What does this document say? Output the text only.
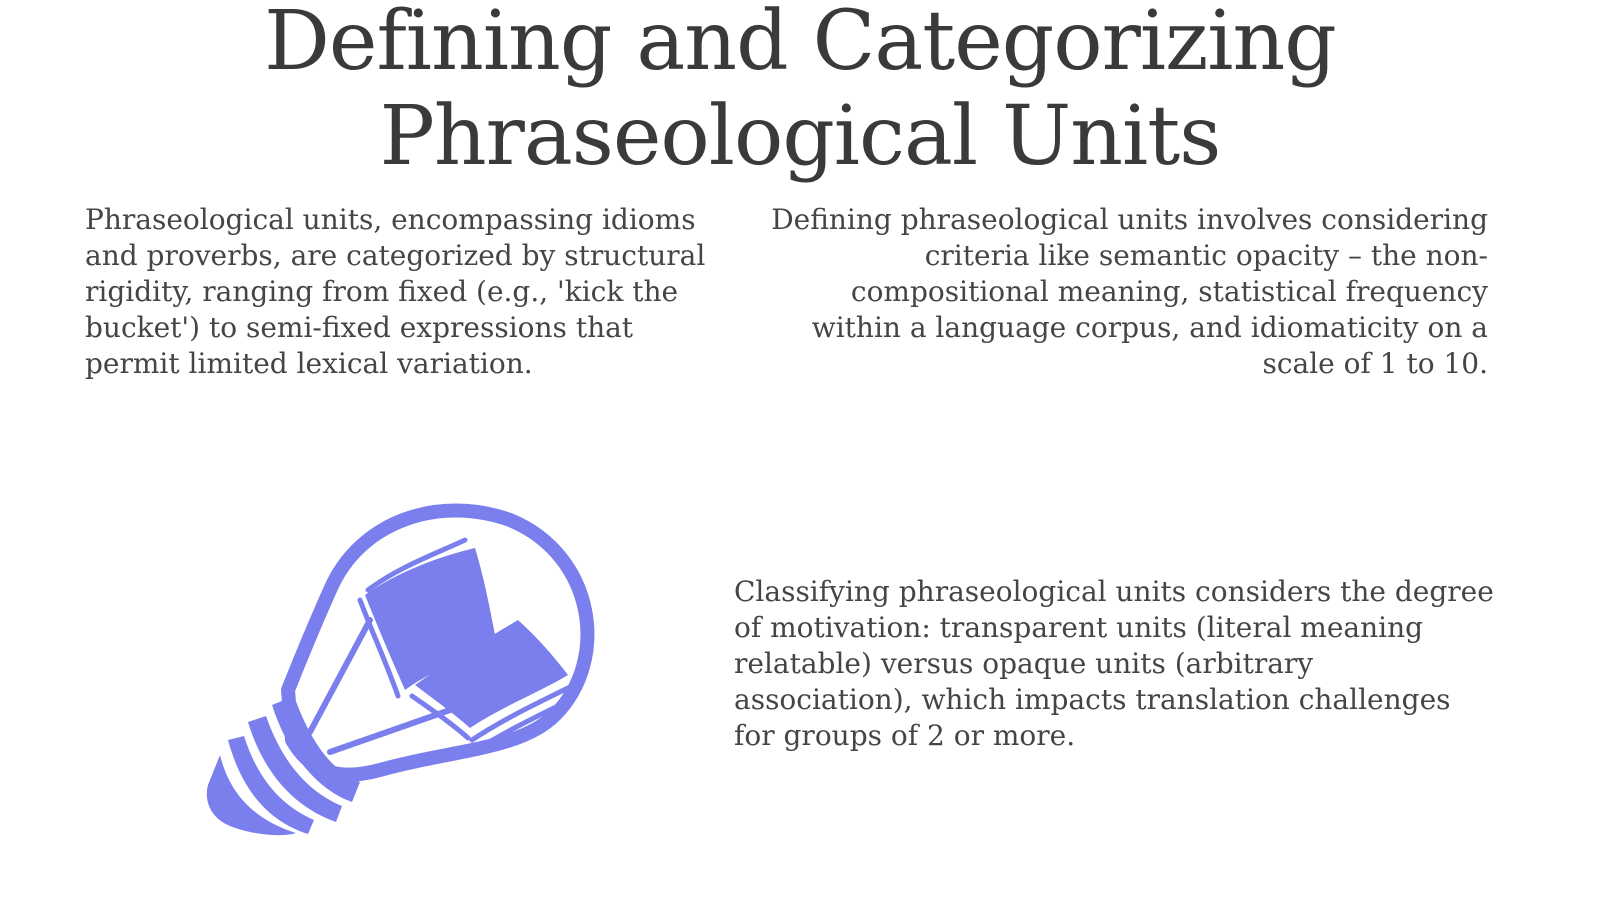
Defining and Categorizing
Phraseological Units

Phraseological units, encompassing idioms and proverbs, are categorized by structural rigidity, ranging from fixed (e.g., 'kick the bucket') to semi-fixed expressions that permit limited lexical variation.

Defining phraseological units involves considering criteria like semantic opacity – the non-compositional meaning, statistical frequency within a language corpus, and idiomaticity on a scale of 1 to 10.

Classifying phraseological units considers the degree of motivation: transparent units (literal meaning relatable) versus opaque units (arbitrary association), which impacts translation challenges for groups of 2 or more.
